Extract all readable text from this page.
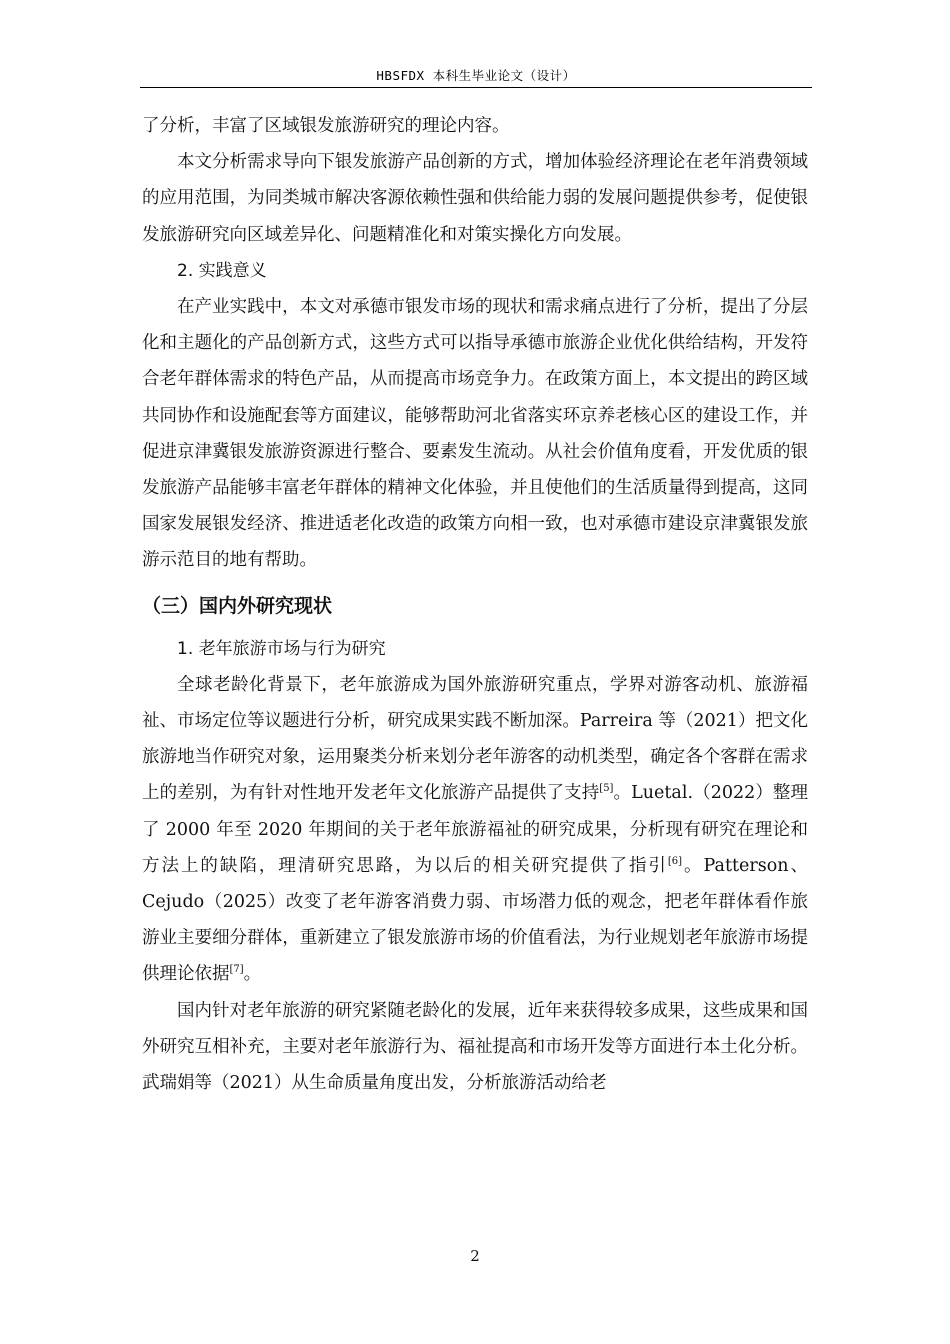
HBSFDX 本科生毕业论文（设计）

了分析，丰富了区域银发旅游研究的理论内容。

本文分析需求导向下银发旅游产品创新的方式，增加体验经济理论在老年消费领域的应用范围，为同类城市解决客源依赖性强和供给能力弱的发展问题提供参考，促使银发旅游研究向区域差异化、问题精准化和对策实操化方向发展。

2. 实践意义

在产业实践中，本文对承德市银发市场的现状和需求痛点进行了分析，提出了分层化和主题化的产品创新方式，这些方式可以指导承德市旅游企业优化供给结构，开发符合老年群体需求的特色产品，从而提高市场竞争力。在政策方面上，本文提出的跨区域共同协作和设施配套等方面建议，能够帮助河北省落实环京养老核心区的建设工作，并促进京津冀银发旅游资源进行整合、要素发生流动。从社会价值角度看，开发优质的银发旅游产品能够丰富老年群体的精神文化体验，并且使他们的生活质量得到提高，这同国家发展银发经济、推进适老化改造的政策方向相一致，也对承德市建设京津冀银发旅游示范目的地有帮助。

（三）国内外研究现状

1. 老年旅游市场与行为研究

全球老龄化背景下，老年旅游成为国外旅游研究重点，学界对游客动机、旅游福祉、市场定位等议题进行分析，研究成果实践不断加深。Parreira 等（2021）把文化旅游地当作研究对象，运用聚类分析来划分老年游客的动机类型，确定各个客群在需求上的差别，为有针对性地开发老年文化旅游产品提供了支持[5]。Luetal.（2022）整理了 2000 年至 2020 年期间的关于老年旅游福祉的研究成果，分析现有研究在理论和方法上的缺陷，理清研究思路，为以后的相关研究提供了指引[6]。Patterson、Cejudo（2025）改变了老年游客消费力弱、市场潜力低的观念，把老年群体看作旅游业主要细分群体，重新建立了银发旅游市场的价值看法，为行业规划老年旅游市场提供理论依据[7]。

国内针对老年旅游的研究紧随老龄化的发展，近年来获得较多成果，这些成果和国外研究互相补充，主要对老年旅游行为、福祉提高和市场开发等方面进行本土化分析。武瑞娟等（2021）从生命质量角度出发，分析旅游活动给老

2
